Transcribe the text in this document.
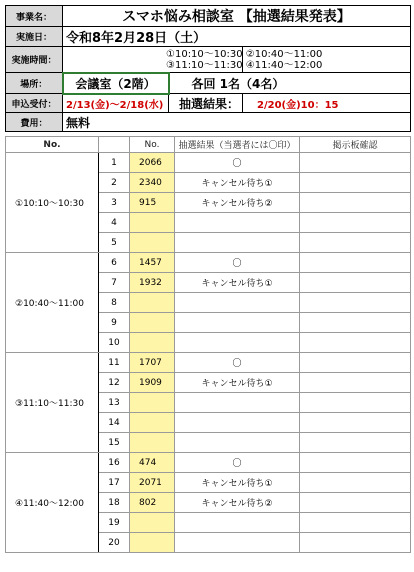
事業名：	スマホ悩み相談室 【抽選結果発表】		
実施日：	令和8年2月28日（土）		
実施時間：			①10:10～10:30 ②10:40～11:00
③11:10～11:30 ④11:40～12:00

場所：	会議室（2階）	各回 1名（4名）	
申込受付：	2/13(金)～2/18(水)	抽選結果：	2/20(金)10：15
費用：	無料		
No.		No.	抽選結果（当選者には〇印）	掲示板確認
①10:10～10:30	1	2066	〇	
	2	2340	キャンセル待ち①	
	3	915	キャンセル待ち②	
	4			
	5			
②10:40～11:00	6	1457	〇	
	7	1932	キャンセル待ち①	
	8			
	9			
	10			
③11:10～11:30	11	1707	〇	
	12	1909	キャンセル待ち①	
	13			
	14			
	15			
④11:40～12:00	16	474	〇	
	17	2071	キャンセル待ち①	
	18	802	キャンセル待ち②	
	19			
	20			
